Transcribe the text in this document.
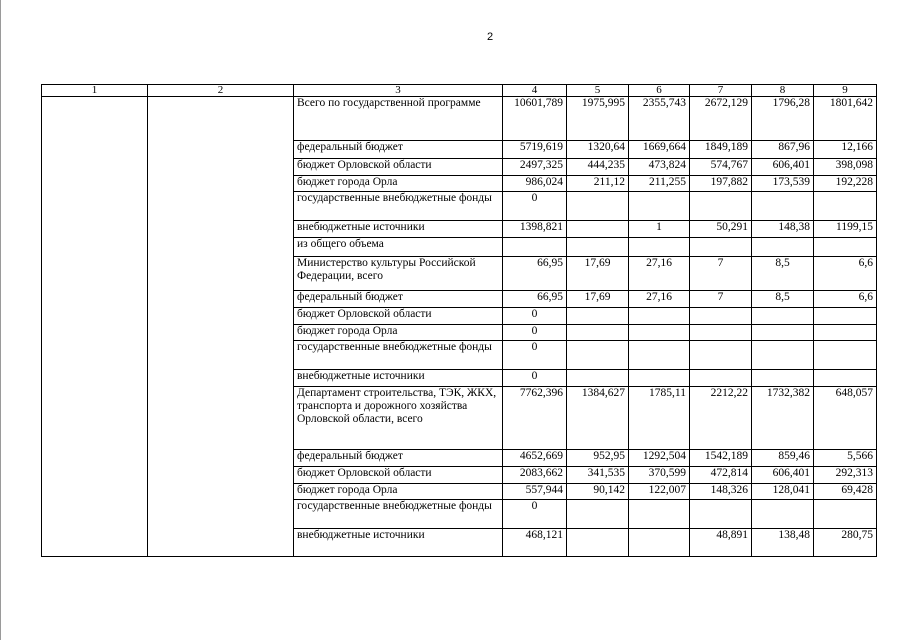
2
1	2	3	4	5	6	7	8	9
		Всего по государственной программе	10601,789	1975,995	2355,743	2672,129	1796,28	1801,642
		федеральный бюджет	5719,619	1320,64	1669,664	1849,189	867,96	12,166
		бюджет Орловской области	2497,325	444,235	473,824	574,767	606,401	398,098
		бюджет города Орла	986,024	211,12	211,255	197,882	173,539	192,228
		государственные внебюджетные фонды	0					
		внебюджетные источники	1398,821		1	50,291	148,38	1199,15
		из общего объема						
		Министерство культуры Российской Федерации, всего	66,95	17,69	27,16	7	8,5	6,6
		федеральный бюджет	66,95	17,69	27,16	7	8,5	6,6
		бюджет Орловской области	0					
		бюджет города Орла	0					
		государственные внебюджетные фонды	0					
		внебюджетные источники	0					
		Департамент строительства, ТЭК, ЖКХ, транспорта и дорожного хозяйства Орловской области, всего	7762,396	1384,627	1785,11	2212,22	1732,382	648,057
		федеральный бюджет	4652,669	952,95	1292,504	1542,189	859,46	5,566
		бюджет Орловской области	2083,662	341,535	370,599	472,814	606,401	292,313
		бюджет города Орла	557,944	90,142	122,007	148,326	128,041	69,428
		государственные внебюджетные фонды	0					
		внебюджетные источники	468,121			48,891	138,48	280,75
